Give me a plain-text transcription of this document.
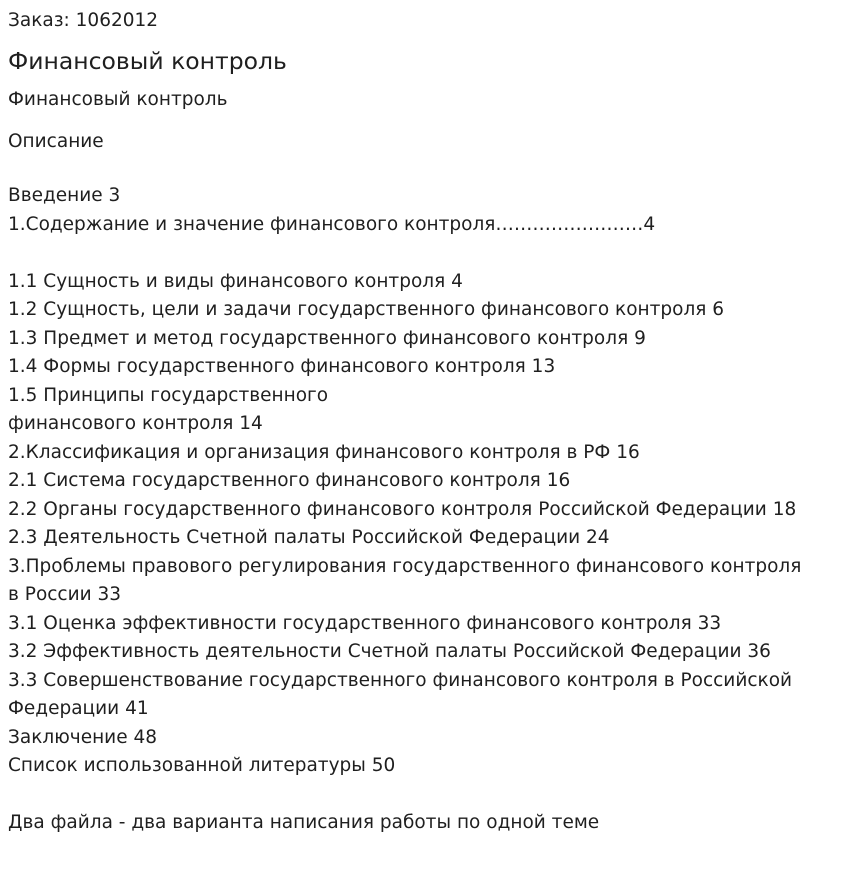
Заказ: 1062012
Финансовый контроль
Финансовый контроль
Описание
Введение 3
1.Содержание и значение финансового контроля……………………4
1.1 Сущность и виды финансового контроля 4
1.2 Сущность, цели и задачи государственного финансового контроля 6
1.3 Предмет и метод государственного финансового контроля 9
1.4 Формы государственного финансового контроля 13
1.5 Принципы государственного
финансового контроля 14
2.Классификация и организация финансового контроля в РФ 16
2.1 Система государственного финансового контроля 16
2.2 Органы государственного финансового контроля Российской Федерации 18
2.3 Деятельность Счетной палаты Российской Федерации 24
3.Проблемы правового регулирования государственного финансового контроля
в России 33
3.1 Оценка эффективности государственного финансового контроля 33
3.2 Эффективность деятельности Счетной палаты Российской Федерации 36
3.3 Совершенствование государственного финансового контроля в Российской
Федерации 41
Заключение 48
Список использованной литературы 50
Два файла - два варианта написания работы по одной теме
